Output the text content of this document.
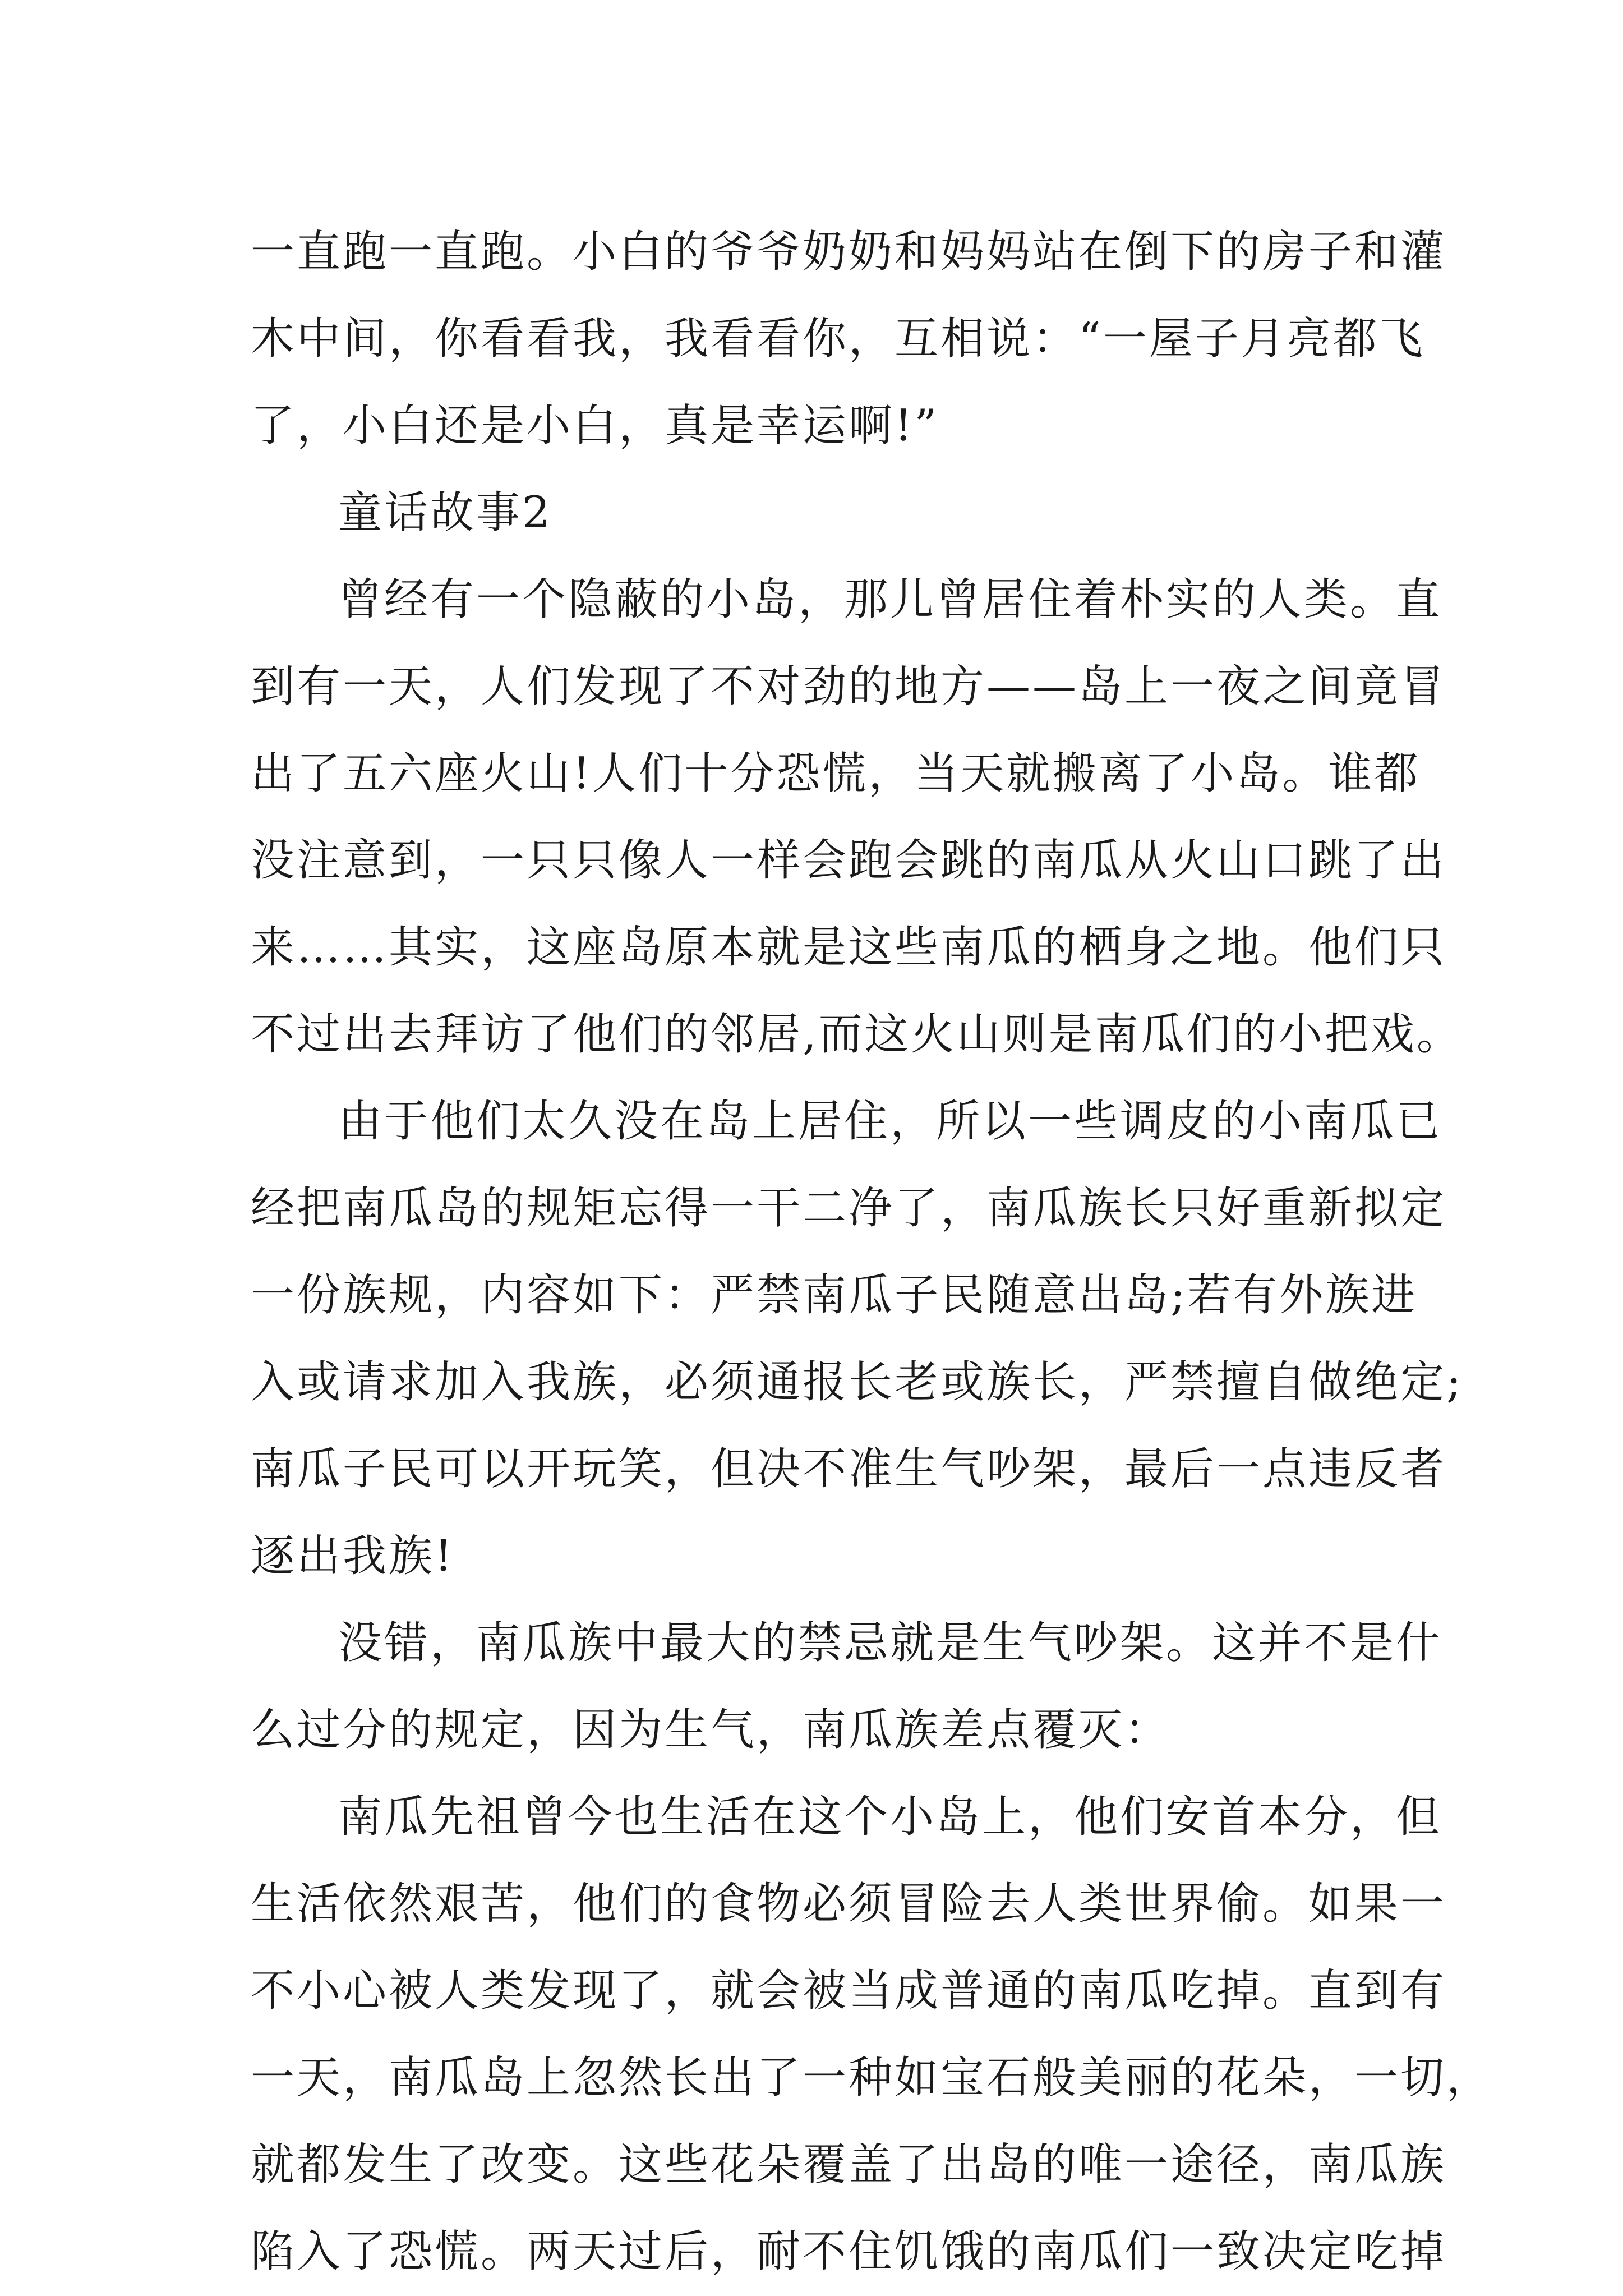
一直跑一直跑。小白的爷爷奶奶和妈妈站在倒下的房子和灌
木中间，你看看我，我看看你，互相说：“一屋子月亮都飞
了，小白还是小白，真是幸运啊!”
童话故事2
曾经有一个隐蔽的小岛，那儿曾居住着朴实的人类。直
到有一天，人们发现了不对劲的地方——岛上一夜之间竟冒
出了五六座火山!人们十分恐慌，当天就搬离了小岛。谁都
没注意到，一只只像人一样会跑会跳的南瓜从火山口跳了出
来……其实，这座岛原本就是这些南瓜的栖身之地。他们只
不过出去拜访了他们的邻居,而这火山则是南瓜们的小把戏。
由于他们太久没在岛上居住，所以一些调皮的小南瓜已
经把南瓜岛的规矩忘得一干二净了，南瓜族长只好重新拟定
一份族规，内容如下：严禁南瓜子民随意出岛;若有外族进
入或请求加入我族，必须通报长老或族长，严禁擅自做绝定;
南瓜子民可以开玩笑，但决不准生气吵架，最后一点违反者
逐出我族!
没错，南瓜族中最大的禁忌就是生气吵架。这并不是什
么过分的规定，因为生气，南瓜族差点覆灭：
南瓜先祖曾今也生活在这个小岛上，他们安首本分，但
生活依然艰苦，他们的食物必须冒险去人类世界偷。如果一
不小心被人类发现了，就会被当成普通的南瓜吃掉。直到有
一天，南瓜岛上忽然长出了一种如宝石般美丽的花朵，一切，
就都发生了改变。这些花朵覆盖了出岛的唯一途径，南瓜族
陷入了恐慌。两天过后，耐不住饥饿的南瓜们一致决定吃掉
